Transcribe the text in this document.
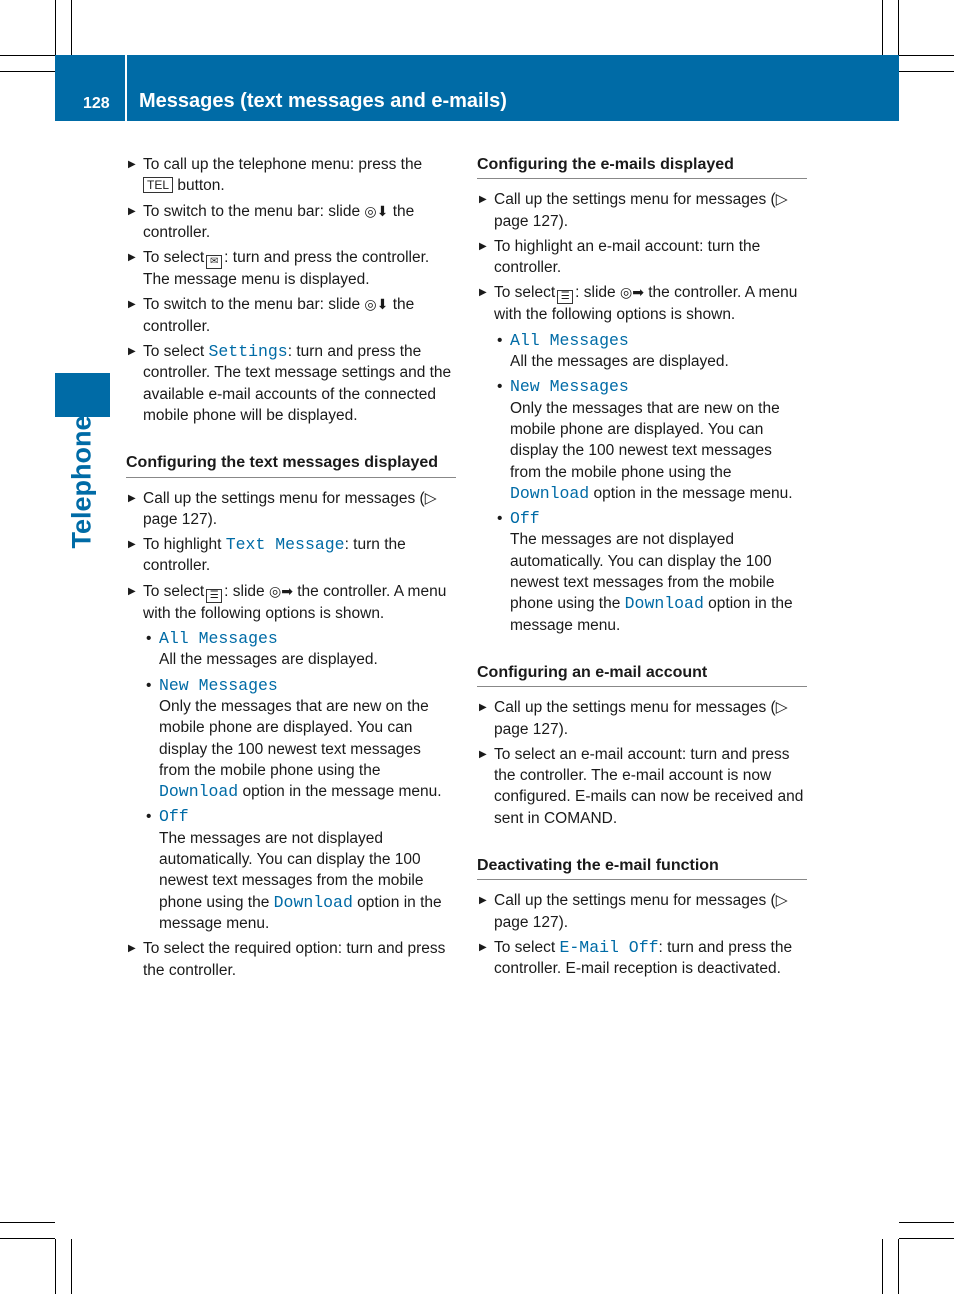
128 Messages (text messages and e-mails)
Telephone
▶ To call up the telephone menu: press the TEL button.
▶ To switch to the menu bar: slide ◎⬇ the controller.
▶ To select ✉ : turn and press the controller. The message menu is displayed.
▶ To switch to the menu bar: slide ◎⬇ the controller.
▶ To select Settings: turn and press the controller. The text message settings and the available e-mail accounts of the connected mobile phone will be displayed.
Configuring the text messages displayed
▶ Call up the settings menu for messages (▷ page 127).
▶ To highlight Text Message: turn the controller.
▶ To select ☰ : slide ◎➡ the controller. A menu with the following options is shown.
• All Messages
All the messages are displayed.
• New Messages
Only the messages that are new on the mobile phone are displayed. You can display the 100 newest text messages from the mobile phone using the Download option in the message menu.
• Off
The messages are not displayed automatically. You can display the 100 newest text messages from the mobile phone using the Download option in the message menu.
▶ To select the required option: turn and press the controller.
Configuring the e-mails displayed
▶ Call up the settings menu for messages (▷ page 127).
▶ To highlight an e-mail account: turn the controller.
▶ To select ☰ : slide ◎➡ the controller. A menu with the following options is shown.
• All Messages
All the messages are displayed.
• New Messages
Only the messages that are new on the mobile phone are displayed. You can display the 100 newest text messages from the mobile phone using the Download option in the message menu.
• Off
The messages are not displayed automatically. You can display the 100 newest text messages from the mobile phone using the Download option in the message menu.
Configuring an e-mail account
▶ Call up the settings menu for messages (▷ page 127).
▶ To select an e-mail account: turn and press the controller. The e-mail account is now configured. E-mails can now be received and sent in COMAND.
Deactivating the e-mail function
▶ Call up the settings menu for messages (▷ page 127).
▶ To select E-Mail Off: turn and press the controller. E-mail reception is deactivated.
